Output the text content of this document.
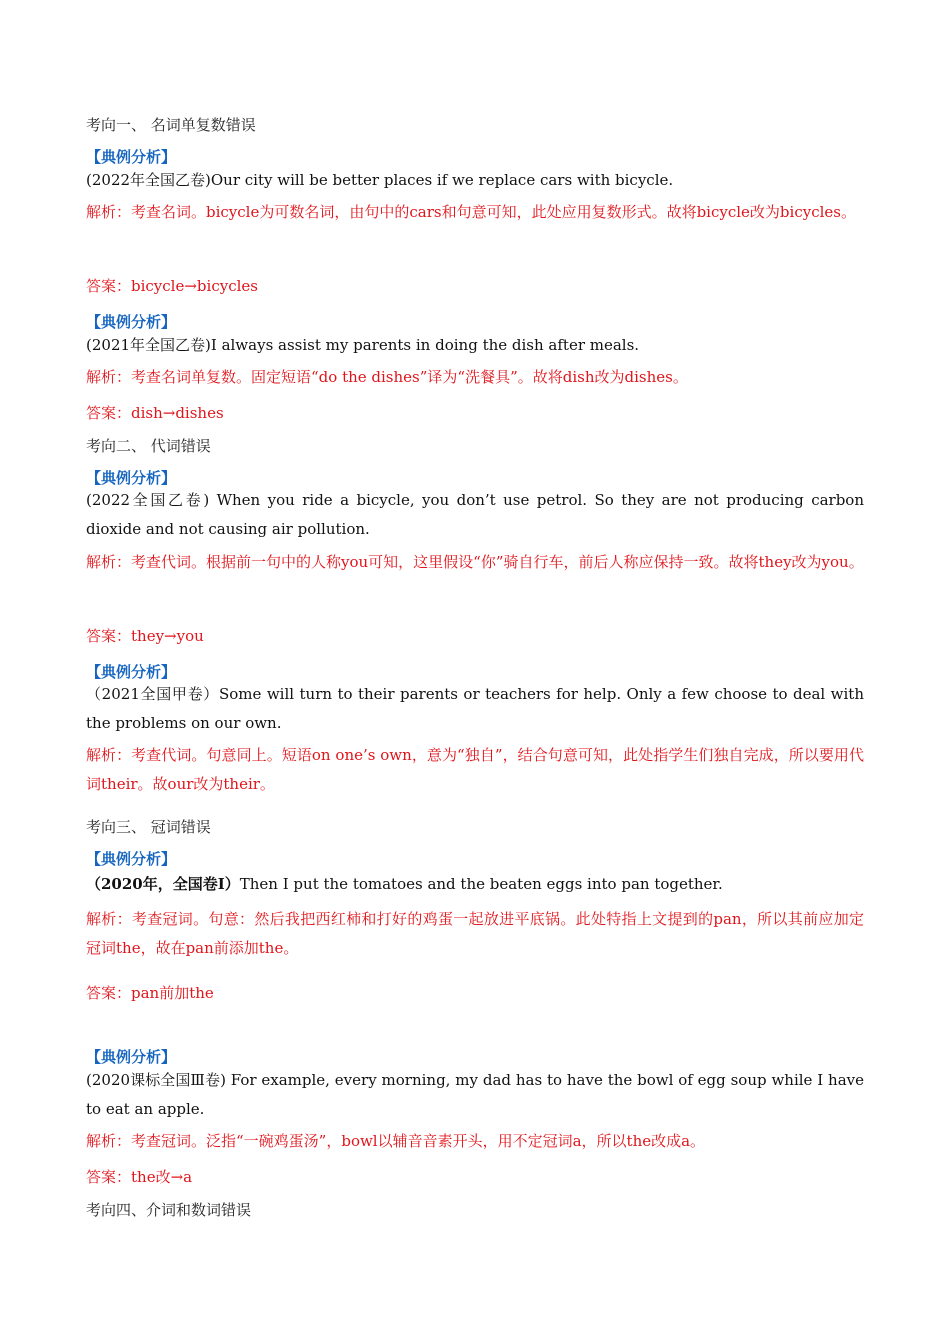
考向一、 名词单复数错误
【典例分析】
(2022年全国乙卷)Our city will be better places if we replace cars with bicycle.
解析：考查名词。bicycle为可数名词，由句中的cars和句意可知，此处应用复数形式。故将bicycle改为bicycles。
答案：bicycle→bicycles
【典例分析】
(2021年全国乙卷)I always assist my parents in doing the dish after meals.
解析：考查名词单复数。固定短语“do the dishes”译为“洗餐具”。故将dish改为dishes。
答案：dish→dishes
考向二、 代词错误
【典例分析】
(2022全国乙卷) When you ride a bicycle, you don’t use petrol. So they are not producing carbon dioxide and not causing air pollution.
解析：考查代词。根据前一句中的人称you可知，这里假设“你”骑自行车，前后人称应保持一致。故将they改为you。
答案：they→you
【典例分析】
（2021全国甲卷）Some will turn to their parents or teachers for help. Only a few choose to deal with the problems on our own.
解析：考查代词。句意同上。短语on one’s own，意为“独自”，结合句意可知，此处指学生们独自完成，所以要用代词their。故our改为their。
考向三、 冠词错误
【典例分析】
（2020年，全国卷I）Then I put the tomatoes and the beaten eggs into pan together.
解析：考查冠词。句意：然后我把西红柿和打好的鸡蛋一起放进平底锅。此处特指上文提到的pan，所以其前应加定冠词the，故在pan前添加the。
答案：pan前加the
【典例分析】
(2020课标全国Ⅲ卷) For example, every morning, my dad has to have the bowl of egg soup while I have to eat an apple.
解析：考查冠词。泛指“一碗鸡蛋汤”，bowl以辅音音素开头，用不定冠词a，所以the改成a。
答案：the改→a
考向四、介词和数词错误
